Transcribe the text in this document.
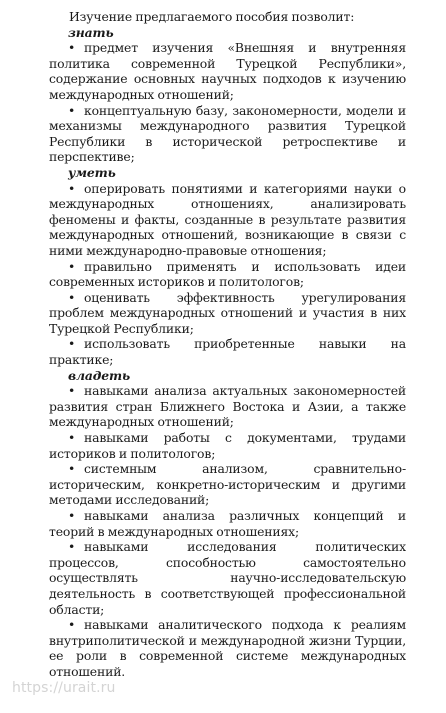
Изучение предлагаемого пособия позволит:

знать

• предмет изучения «Внешняя и внутренняя политика современной Турецкой Республики», содержание основных научных подходов к изучению международных отношений;

• концептуальную базу, закономерности, модели и механизмы международного развития Турецкой Республики в исторической ретроспективе и перспективе;

уметь

• оперировать понятиями и категориями науки о международных отношениях, анализировать феномены и факты, созданные в результате развития международных отношений, возникающие в связи с ними международно-правовые отношения;

• правильно применять и использовать идеи современных историков и политологов;

• оценивать эффективность урегулирования проблем международных отношений и участия в них Турецкой Республики;

• использовать приобретенные навыки на практике;

владеть

• навыками анализа актуальных закономерностей развития стран Ближнего Востока и Азии, а также международных отношений;

• навыками работы с документами, трудами историков и политологов;

• системным анализом, сравнительно-историческим, конкретно-историческим и другими методами исследований;

• навыками анализа различных концепций и теорий в международных отношениях;

• навыками исследования политических процессов, способностью самостоятельно осуществлять научно-исследовательскую деятельность в соответствующей профессиональной области;

• навыками аналитического подхода к реалиям внутриполитической и международной жизни Турции, ее роли в современной системе международных отношений.

https://urait.ru
